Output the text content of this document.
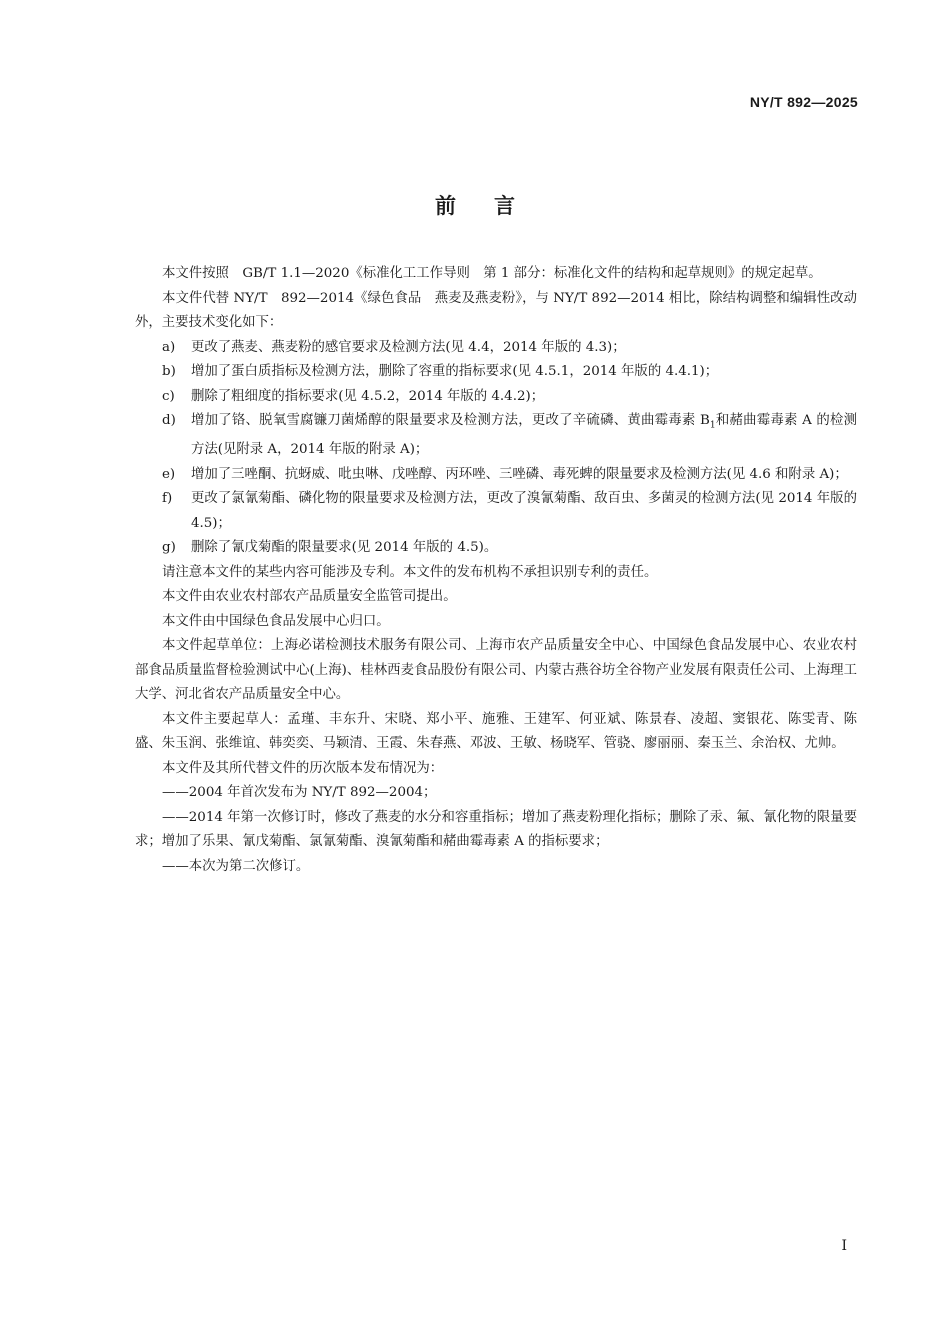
NY/T 892—2025
前言

本文件按照　GB/T 1.1—2020《标准化工工作导则　第 1 部分：标准化文件的结构和起草规则》的规定起草。

本文件代替 NY/T　892—2014《绿色食品　燕麦及燕麦粉》，与 NY/T 892—2014 相比，除结构调整和编辑性改动外，主要技术变化如下：

a)	更改了燕麦、燕麦粉的感官要求及检测方法(见 4.4，2014 年版的 4.3)；
b)	增加了蛋白质指标及检测方法，删除了容重的指标要求(见 4.5.1，2014 年版的 4.4.1)；
c)	删除了粗细度的指标要求(见 4.5.2，2014 年版的 4.4.2)；
d)	增加了铬、脱氧雪腐镰刀菌烯醇的限量要求及检测方法，更改了辛硫磷、黄曲霉毒素 $B_1$和赭曲霉毒素 A 的检测方法(见附录 A，2014 年版的附录 A)；
e)	增加了三唑酮、抗蚜威、吡虫啉、戊唑醇、丙环唑、三唑磷、毒死蜱的限量要求及检测方法(见 4.6 和附录 A)；
f)	更改了氯氰菊酯、磷化物的限量要求及检测方法，更改了溴氰菊酯、敌百虫、多菌灵的检测方法(见 2014 年版的 4.5)；
g)	删除了氰戊菊酯的限量要求(见 2014 年版的 4.5)。

请注意本文件的某些内容可能涉及专利。本文件的发布机构不承担识别专利的责任。

本文件由农业农村部农产品质量安全监管司提出。

本文件由中国绿色食品发展中心归口。

本文件起草单位：上海必诺检测技术服务有限公司、上海市农产品质量安全中心、中国绿色食品发展中心、农业农村部食品质量监督检验测试中心(上海)、桂林西麦食品股份有限公司、内蒙古燕谷坊全谷物产业发展有限责任公司、上海理工大学、河北省农产品质量安全中心。

本文件主要起草人：孟瑾、丰东升、宋晓、郑小平、施雅、王建军、何亚斌、陈景春、凌超、窦银花、陈雯青、陈盛、朱玉润、张维谊、韩奕奕、马颖清、王霞、朱春燕、邓波、王敏、杨晓军、管骁、廖丽丽、秦玉兰、余治权、尤帅。

本文件及其所代替文件的历次版本发布情况为：

——2004 年首次发布为 NY/T 892—2004；

——2014 年第一次修订时，修改了燕麦的水分和容重指标；增加了燕麦粉理化指标；删除了汞、氟、氰化物的限量要求；增加了乐果、氰戊菊酯、氯氰菊酯、溴氰菊酯和赭曲霉毒素 A 的指标要求；

——本次为第二次修订。

I
